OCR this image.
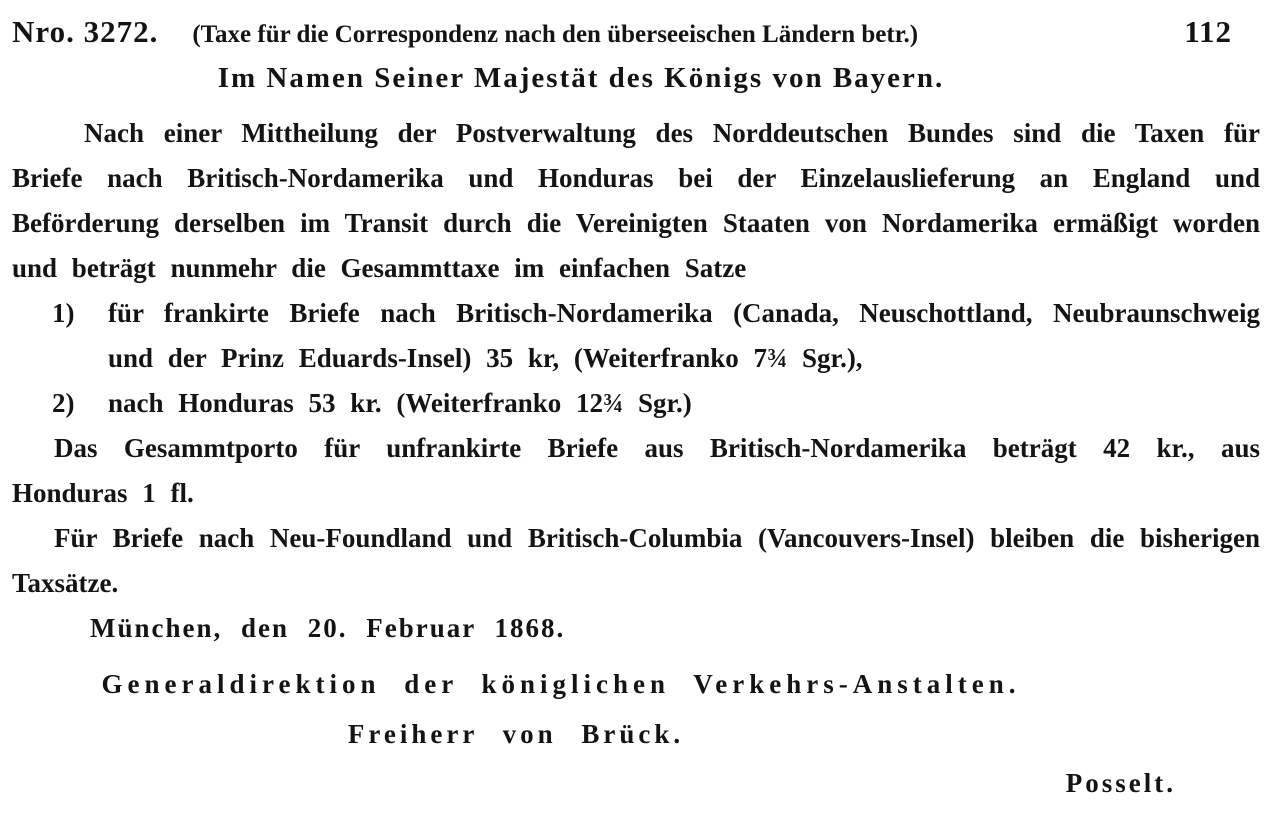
Nro. 3272. (Taxe für die Correspondenz nach den überseeischen Ländern betr.)	112
Im Namen Seiner Majestät des Königs von Bayern.

Nach einer Mittheilung der Postverwaltung des Norddeutschen Bundes sind die Taxen für Briefe nach Britisch-Nordamerika und Honduras bei der Einzelauslieferung an England und Beförderung derselben im Transit durch die Vereinigten Staaten von Nordamerika ermäßigt worden und beträgt nunmehr die Gesammttaxe im einfachen Satze

1)	für frankirte Briefe nach Britisch-Nordamerika (Canada, Neuschottland, Neubraunschweig und der Prinz Eduards-Insel) 35 kr, (Weiterfranko 7¾ Sgr.),
2)	nach Honduras 53 kr. (Weiterfranko 12¾ Sgr.)

Das Gesammtporto für unfrankirte Briefe aus Britisch-Nordamerika beträgt 42 kr., aus Honduras 1 fl.

Für Briefe nach Neu-Foundland und Britisch-Columbia (Vancouvers-Insel) bleiben die bisherigen Taxsätze.

München, den 20. Februar 1868.

Generaldirektion der königlichen Verkehrs-Anstalten.
Freiherr von Brück.
Posselt.
